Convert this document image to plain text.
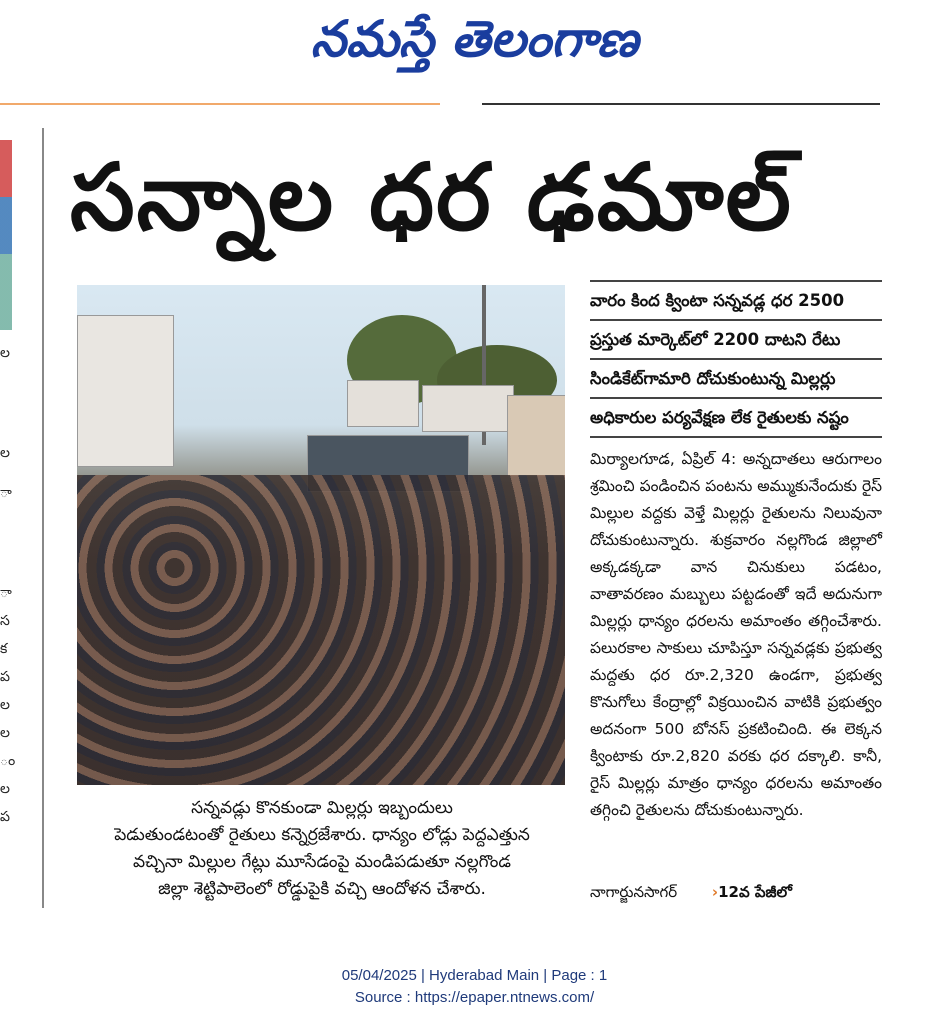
నమస్తే తెలంగాణ
ల
ల
ా
ా
స
క
ప
ల
ల
ం
ల
ప
సన్నాల ధర ఢమాల్

సన్నవడ్లు కొనకుండా మిల్లర్లు ఇబ్బందులు

పెడుతుండటంతో రైతులు కన్నెర్రజేశారు. ధాన్యం లోడ్లు పెద్దఎత్తున

వచ్చినా మిల్లుల గేట్లు మూసేడంపై మండిపడుతూ నల్లగొండ

జిల్లా శెట్టిపాలెంలో రోడ్డుపైకి వచ్చి ఆందోళన చేశారు.

వారం కింద క్వింటా సన్నవడ్ల ధర 2500
ప్రస్తుత మార్కెట్‌లో 2200 దాటని రేటు
సిండికేట్‌గామారి దోచుకుంటున్న మిల్లర్లు
అధికారుల పర్యవేక్షణ లేక రైతులకు నష్టం

మిర్యాలగూడ, ఏప్రిల్ 4: అన్నదాతలు ఆరుగాలం శ్రమించి పండించిన పంటను అమ్ముకునేందుకు రైస్ మిల్లుల వద్దకు వెళ్తే మిల్లర్లు రైతులను నిలువునా దోచుకుంటున్నారు. శుక్రవారం నల్లగొండ జిల్లాలో అక్కడక్కడా వాన చినుకులు పడటం, వాతావరణం మబ్బులు పట్టడంతో ఇదే అదునుగా మిల్లర్లు ధాన్యం ధరలను అమాంతం తగ్గించేశారు. పలురకాల సాకులు చూపిస్తూ సన్నవడ్లకు ప్రభుత్వ మద్దతు ధర రూ.2,320 ఉండగా, ప్రభుత్వ కొనుగోలు కేంద్రాల్లో విక్రయించిన వాటికి ప్రభుత్వం అదనంగా 500 బోనస్ ప్రకటించింది. ఈ లెక్కన క్వింటాకు రూ.2,820 వరకు ధర దక్కాలి. కానీ, రైస్ మిల్లర్లు మాత్రం ధాన్యం ధరలను అమాంతం తగ్గించి రైతులను దోచుకుంటున్నారు.

నాగార్జునసాగర్ ›12వ పేజీలో
05/04/2025 | Hyderabad Main | Page : 1
Source : https://epaper.ntnews.com/
